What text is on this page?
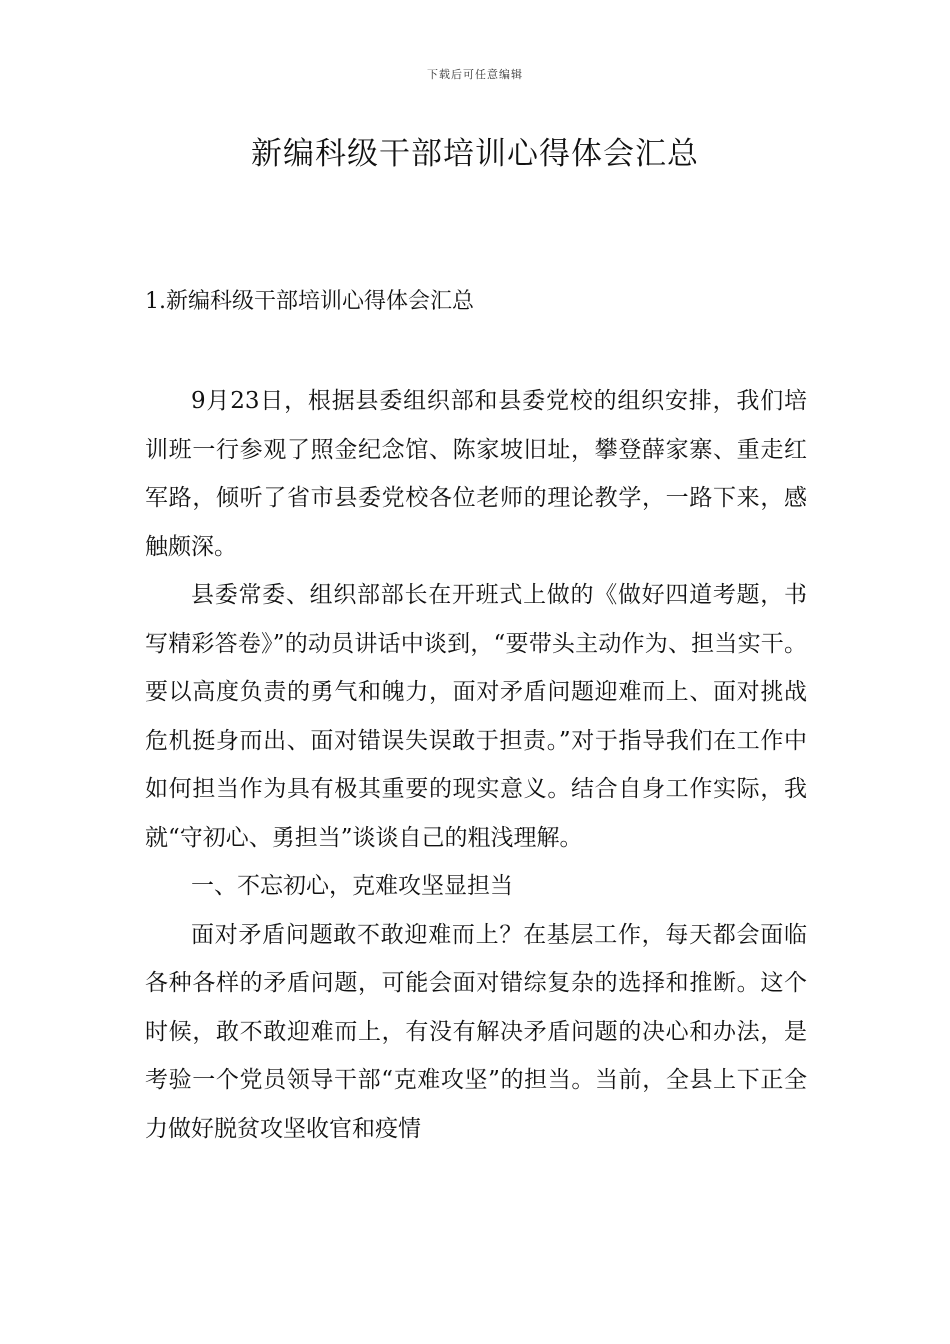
下载后可任意编辑
新编科级干部培训心得体会汇总
1.新编科级干部培训心得体会汇总

9月23日，根据县委组织部和县委党校的组织安排，我们培训班一行参观了照金纪念馆、陈家坡旧址，攀登薛家寨、重走红军路，倾听了省市县委党校各位老师的理论教学，一路下来，感触颇深。

县委常委、组织部部长在开班式上做的《做好四道考题，书写精彩答卷》”的动员讲话中谈到，“要带头主动作为、担当实干。要以高度负责的勇气和魄力，面对矛盾问题迎难而上、面对挑战危机挺身而出、面对错误失误敢于担责。”对于指导我们在工作中如何担当作为具有极其重要的现实意义。结合自身工作实际，我就“守初心、勇担当”谈谈自己的粗浅理解。

一、不忘初心，克难攻坚显担当

面对矛盾问题敢不敢迎难而上？在基层工作，每天都会面临各种各样的矛盾问题，可能会面对错综复杂的选择和推断。这个时候，敢不敢迎难而上，有没有解决矛盾问题的决心和办法，是考验一个党员领导干部“克难攻坚”的担当。当前，全县上下正全力做好脱贫攻坚收官和疫情
